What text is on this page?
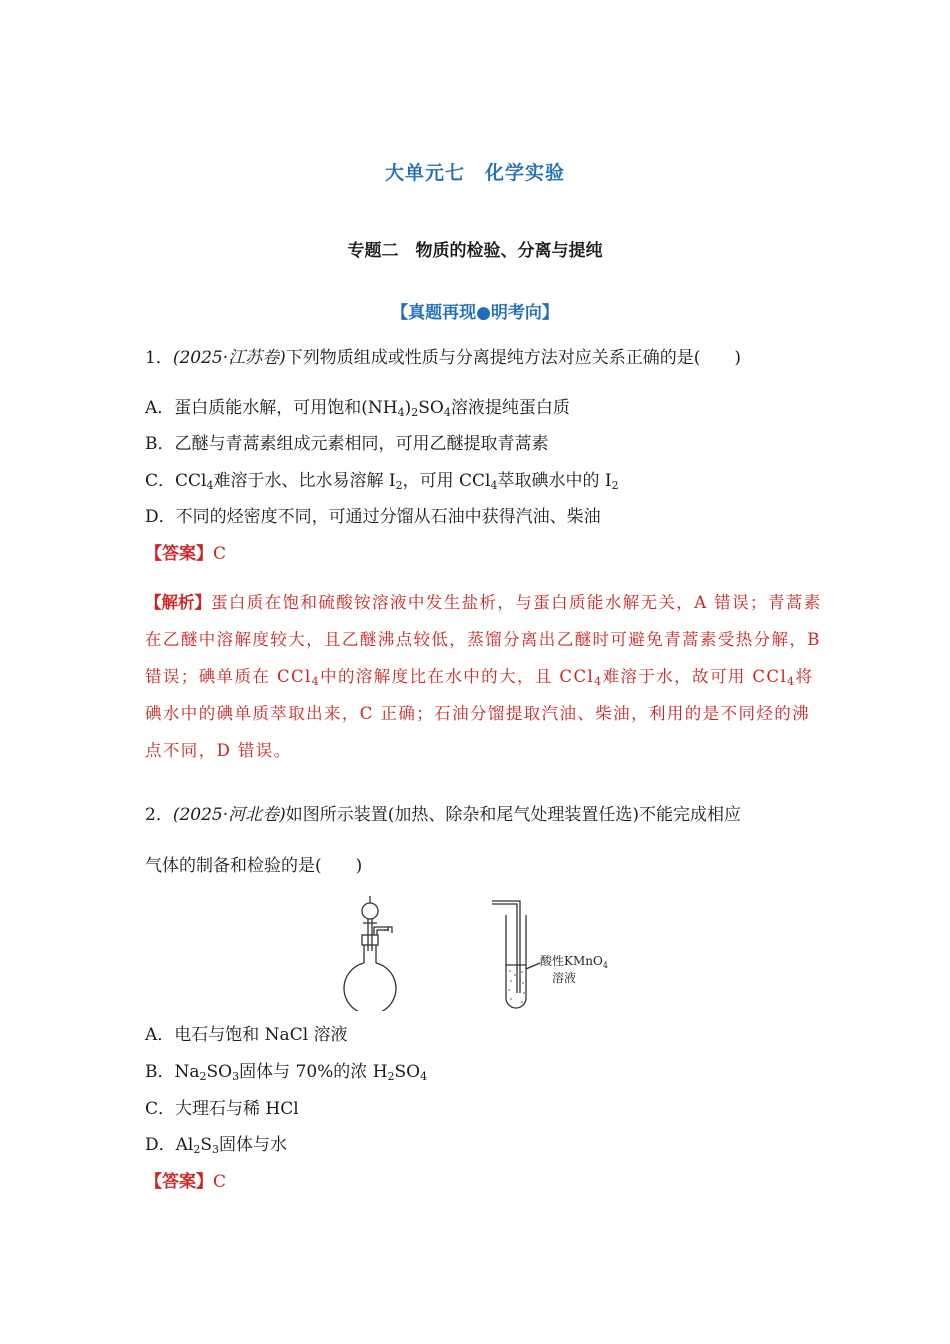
大单元七　化学实验
专题二　物质的检验、分离与提纯
【真题再现●明考向】
1．(2025·江苏卷)下列物质组成或性质与分离提纯方法对应关系正确的是(　　)
A．蛋白质能水解，可用饱和$(NH_4)_2SO_4$溶液提纯蛋白质
B．乙醚与青蒿素组成元素相同，可用乙醚提取青蒿素
C．CCl$_4$难溶于水、比水易溶解 $I_2$，可用 CCl$_4$萃取碘水中的 $I_2$
D．不同的烃密度不同，可通过分馏从石油中获得汽油、柴油
【答案】C
【解析】蛋白质在饱和硫酸铵溶液中发生盐析，与蛋白质能水解无关，A 错误；青蒿素在乙醚中溶解度较大，且乙醚沸点较低，蒸馏分离出乙醚时可避免青蒿素受热分解，B 错误；碘单质在 CCl$_4$中的溶解度比在水中的大，且 CCl$_4$难溶于水，故可用 CCl$_4$将碘水中的碘单质萃取出来，C 正确；石油分馏提取汽油、柴油，利用的是不同烃的沸点不同，D 错误。
2．(2025·河北卷)如图所示装置(加热、除杂和尾气处理装置任选)不能完成相应
气体的制备和检验的是(　　)
酸性KMnO$_4$
溶液
A．电石与饱和 NaCl 溶液
B．$Na_2SO_3$固体与 70%的浓 $H_2SO_4$
C．大理石与稀 HCl
D．$Al_2S_3$固体与水
【答案】C
